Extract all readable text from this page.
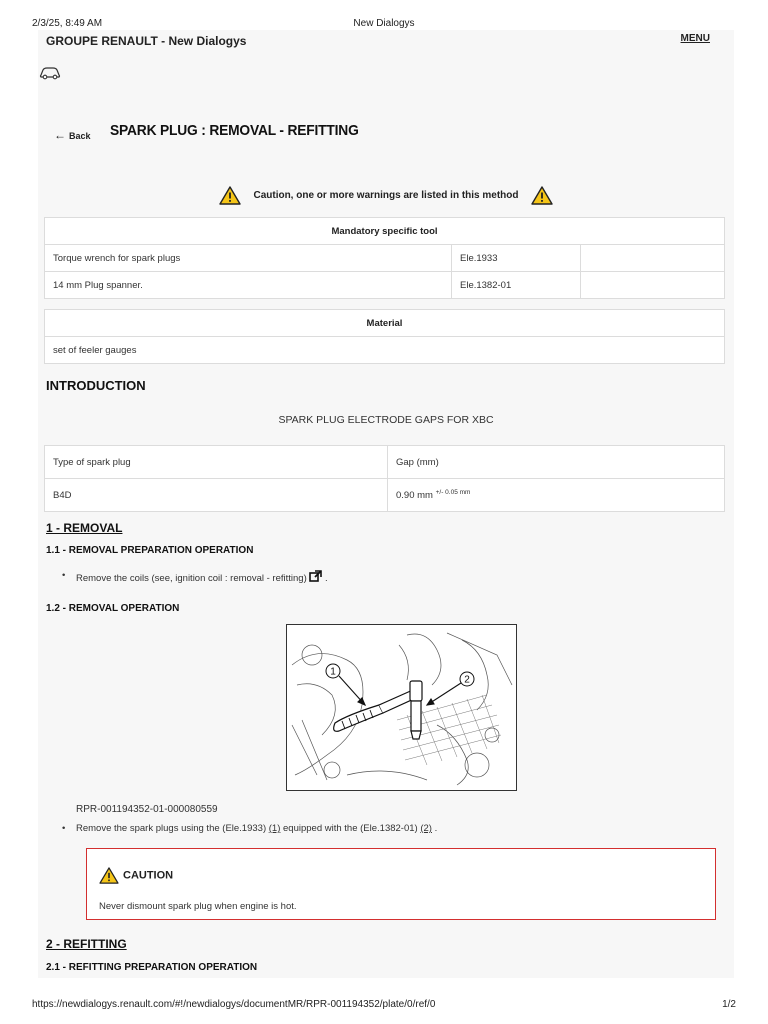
2/3/25, 8:49 AM	New Dialogys
GROUPE RENAULT - New Dialogys	MENU
← Back SPARK PLUG : REMOVAL - REFITTING
Caution, one or more warnings are listed in this method
Mandatory specific tool		
Torque wrench for spark plugs	Ele.1933	
14 mm Plug spanner.	Ele.1382-01	
Material
set of feeler gauges
INTRODUCTION
SPARK PLUG ELECTRODE GAPS FOR XBC
Type of spark plug	Gap (mm)
B4D	0.90 mm $^{+/- 0.05 mm}$
1 - REMOVAL
1.1 - REMOVAL PREPARATION OPERATION
• Remove the coils (see, ignition coil : removal - refitting)  .
1.2 - REMOVAL OPERATION
1
2
RPR-001194352-01-000080559
• Remove the spark plugs using the (Ele.1933) (1) equipped with the (Ele.1382-01) (2) .
CAUTION
Never dismount spark plug when engine is hot.
2 - REFITTING
2.1 - REFITTING PREPARATION OPERATION
https://newdialogys.renault.com/#!/newdialogys/documentMR/RPR-001194352/plate/0/ref/0	1/2
